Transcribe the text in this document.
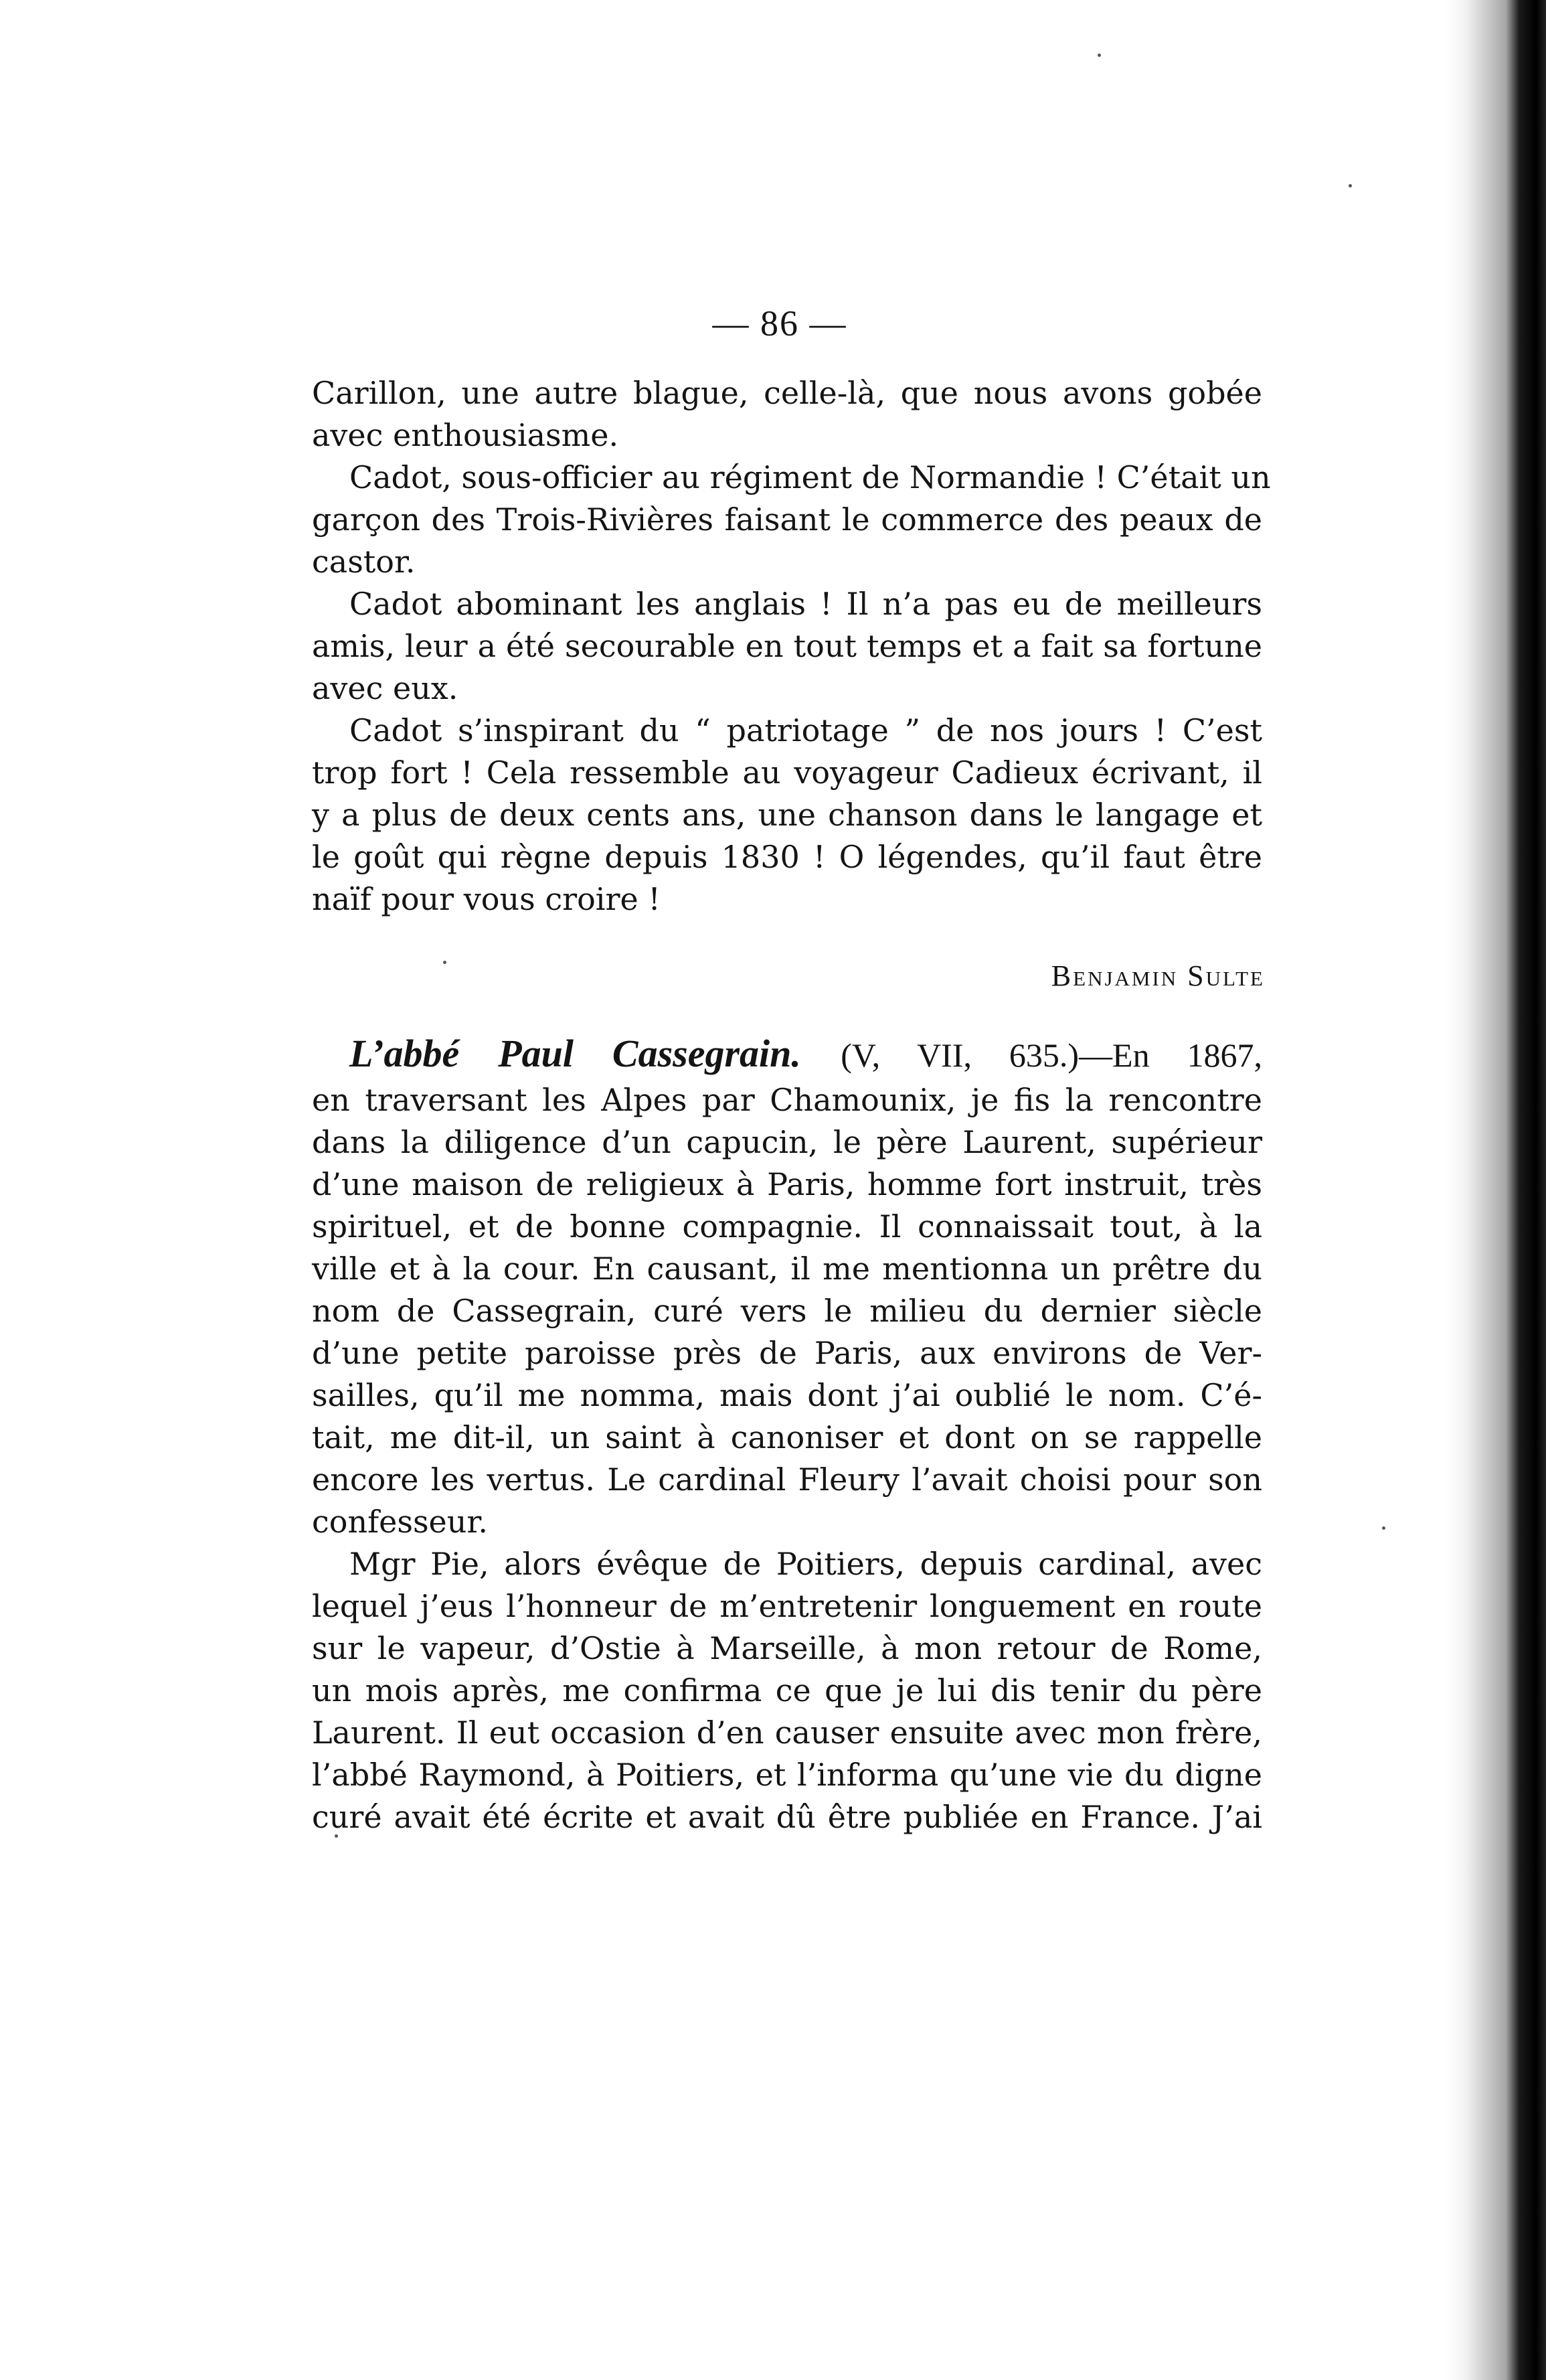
— 86 —
Carillon, une autre blague, celle-là, que nous avons gobée
avec enthousiasme.
Cadot, sous-officier au régiment de Normandie ! C’était un
garçon des Trois-Rivières faisant le commerce des peaux de
castor.
Cadot abominant les anglais ! Il n’a pas eu de meilleurs
amis, leur a été secourable en tout temps et a fait sa fortune
avec eux.
Cadot s’inspirant du “ patriotage ” de nos jours ! C’est
trop fort ! Cela ressemble au voyageur Cadieux écrivant, il
y a plus de deux cents ans, une chanson dans le langage et
le goût qui règne depuis 1830 ! O légendes, qu’il faut être
naïf pour vous croire !
Benjamin Sulte
L’abbé Paul Cassegrain. (V, VII, 635.)—En 1867,
en traversant les Alpes par Chamounix, je fis la rencontre
dans la diligence d’un capucin, le père Laurent, supérieur
d’une maison de religieux à Paris, homme fort instruit, très
spirituel, et de bonne compagnie. Il connaissait tout, à la
ville et à la cour. En causant, il me mentionna un prêtre du
nom de Cassegrain, curé vers le milieu du dernier siècle
d’une petite paroisse près de Paris, aux environs de Ver-
sailles, qu’il me nomma, mais dont j’ai oublié le nom. C’é-
tait, me dit-il, un saint à canoniser et dont on se rappelle
encore les vertus. Le cardinal Fleury l’avait choisi pour son
confesseur.
Mgr Pie, alors évêque de Poitiers, depuis cardinal, avec
lequel j’eus l’honneur de m’entretenir longuement en route
sur le vapeur, d’Ostie à Marseille, à mon retour de Rome,
un mois après, me confirma ce que je lui dis tenir du père
Laurent. Il eut occasion d’en causer ensuite avec mon frère,
l’abbé Raymond, à Poitiers, et l’informa qu’une vie du digne
curé avait été écrite et avait dû être publiée en France. J’ai
